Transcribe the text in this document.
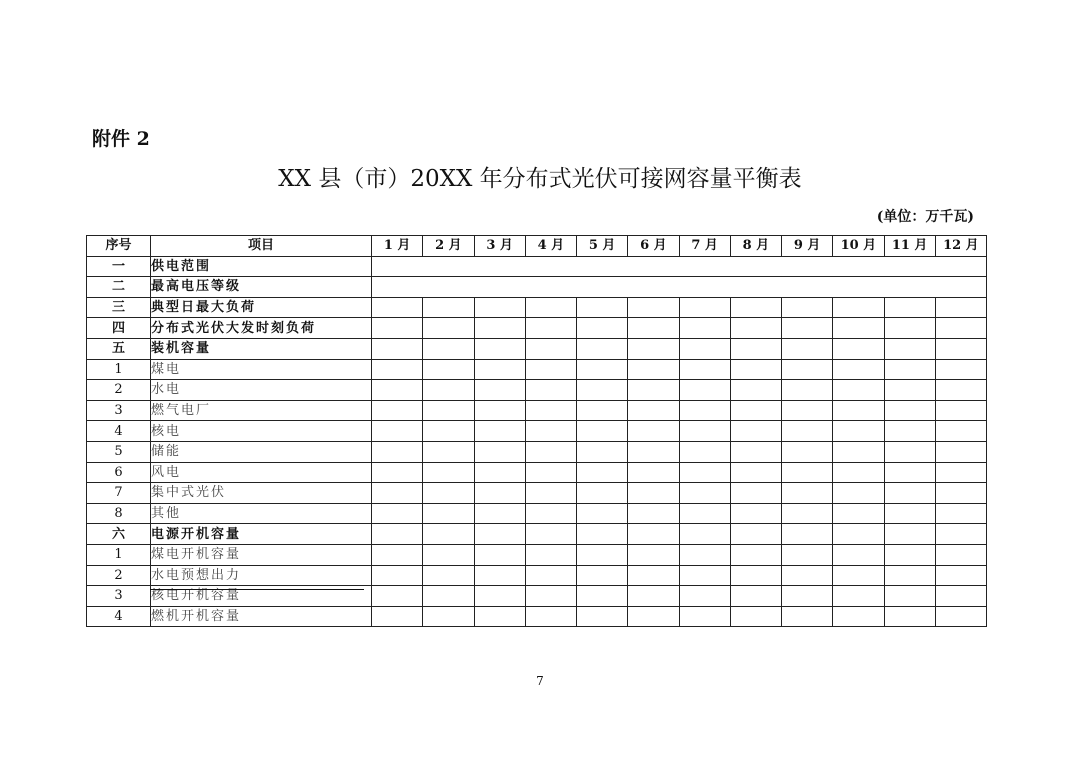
附件 2
XX 县（市）20XX 年分布式光伏可接网容量平衡表
(单位：万千瓦)
序号	项目	1 月	2 月	3 月	4 月	5 月	6 月	7 月	8 月	9 月	10 月	11 月	12 月
一	供电范围												
二	最高电压等级												
三	典型日最大负荷												
四	分布式光伏大发时刻负荷												
五	装机容量												
1	煤电												
2	水电												
3	燃气电厂												
4	核电												
5	储能												
6	风电												
7	集中式光伏												
8	其他												
六	电源开机容量												
1	煤电开机容量												
2	水电预想出力												
3	核电开机容量												
4	燃机开机容量												
7
